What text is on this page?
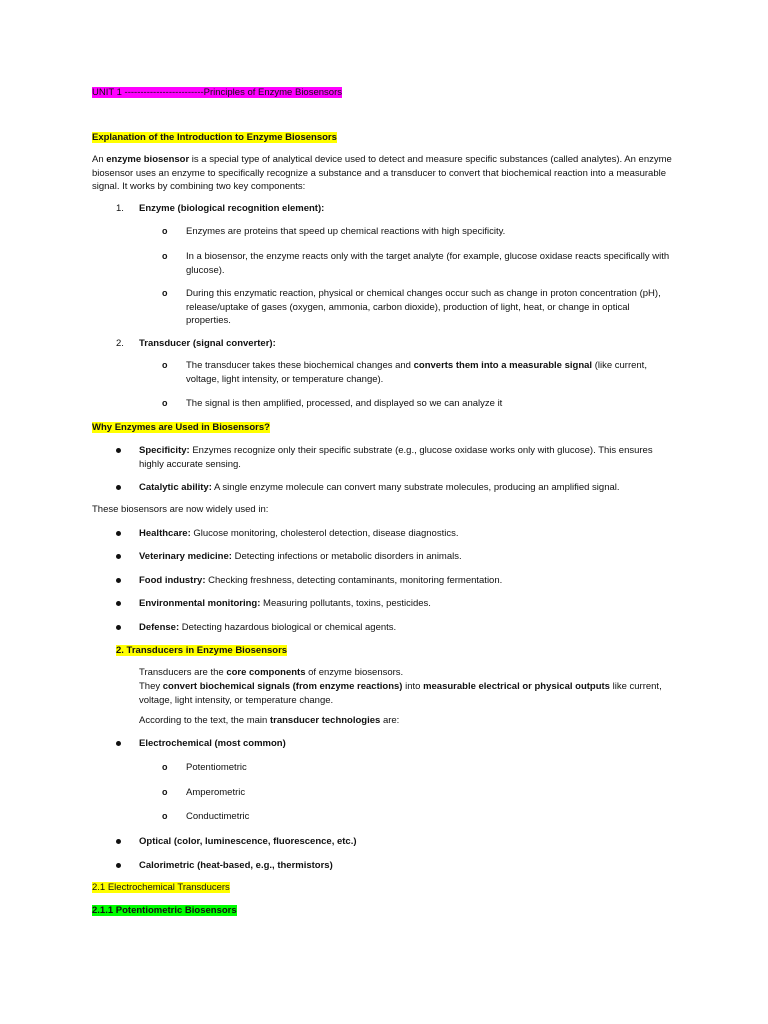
UNIT 1 -------------------------Principles of Enzyme Biosensors
Explanation of the Introduction to Enzyme Biosensors

An enzyme biosensor is a special type of analytical device used to detect and measure specific substances (called analytes). An enzyme biosensor uses an enzyme to specifically recognize a substance and a transducer to convert that biochemical reaction into a measurable signal. It works by combining two key components:

1. Enzyme (biological recognition element):
o Enzymes are proteins that speed up chemical reactions with high specificity.
o In a biosensor, the enzyme reacts only with the target analyte (for example, glucose oxidase reacts specifically with glucose).
o During this enzymatic reaction, physical or chemical changes occur such as change in proton concentration (pH), release/uptake of gases (oxygen, ammonia, carbon dioxide), production of light, heat, or change in optical properties.
2. Transducer (signal converter):
o The transducer takes these biochemical changes and converts them into a measurable signal (like current, voltage, light intensity, or temperature change).
o The signal is then amplified, processed, and displayed so we can analyze it
Why Enzymes are Used in Biosensors?
Specificity: Enzymes recognize only their specific substrate (e.g., glucose oxidase works only with glucose). This ensures highly accurate sensing.
Catalytic ability: A single enzyme molecule can convert many substrate molecules, producing an amplified signal.
These biosensors are now widely used in:
Healthcare: Glucose monitoring, cholesterol detection, disease diagnostics.
Veterinary medicine: Detecting infections or metabolic disorders in animals.
Food industry: Checking freshness, detecting contaminants, monitoring fermentation.
Environmental monitoring: Measuring pollutants, toxins, pesticides.
Defense: Detecting hazardous biological or chemical agents.
2. Transducers in Enzyme Biosensors
Transducers are the core components of enzyme biosensors.
They convert biochemical signals (from enzyme reactions) into measurable electrical or physical outputs like current, voltage, light intensity, or temperature change.
According to the text, the main transducer technologies are:
Electrochemical (most common)
o Potentiometric
o Amperometric
o Conductimetric
Optical (color, luminescence, fluorescence, etc.)
Calorimetric (heat-based, e.g., thermistors)
2.1 Electrochemical Transducers
2.1.1 Potentiometric Biosensors
